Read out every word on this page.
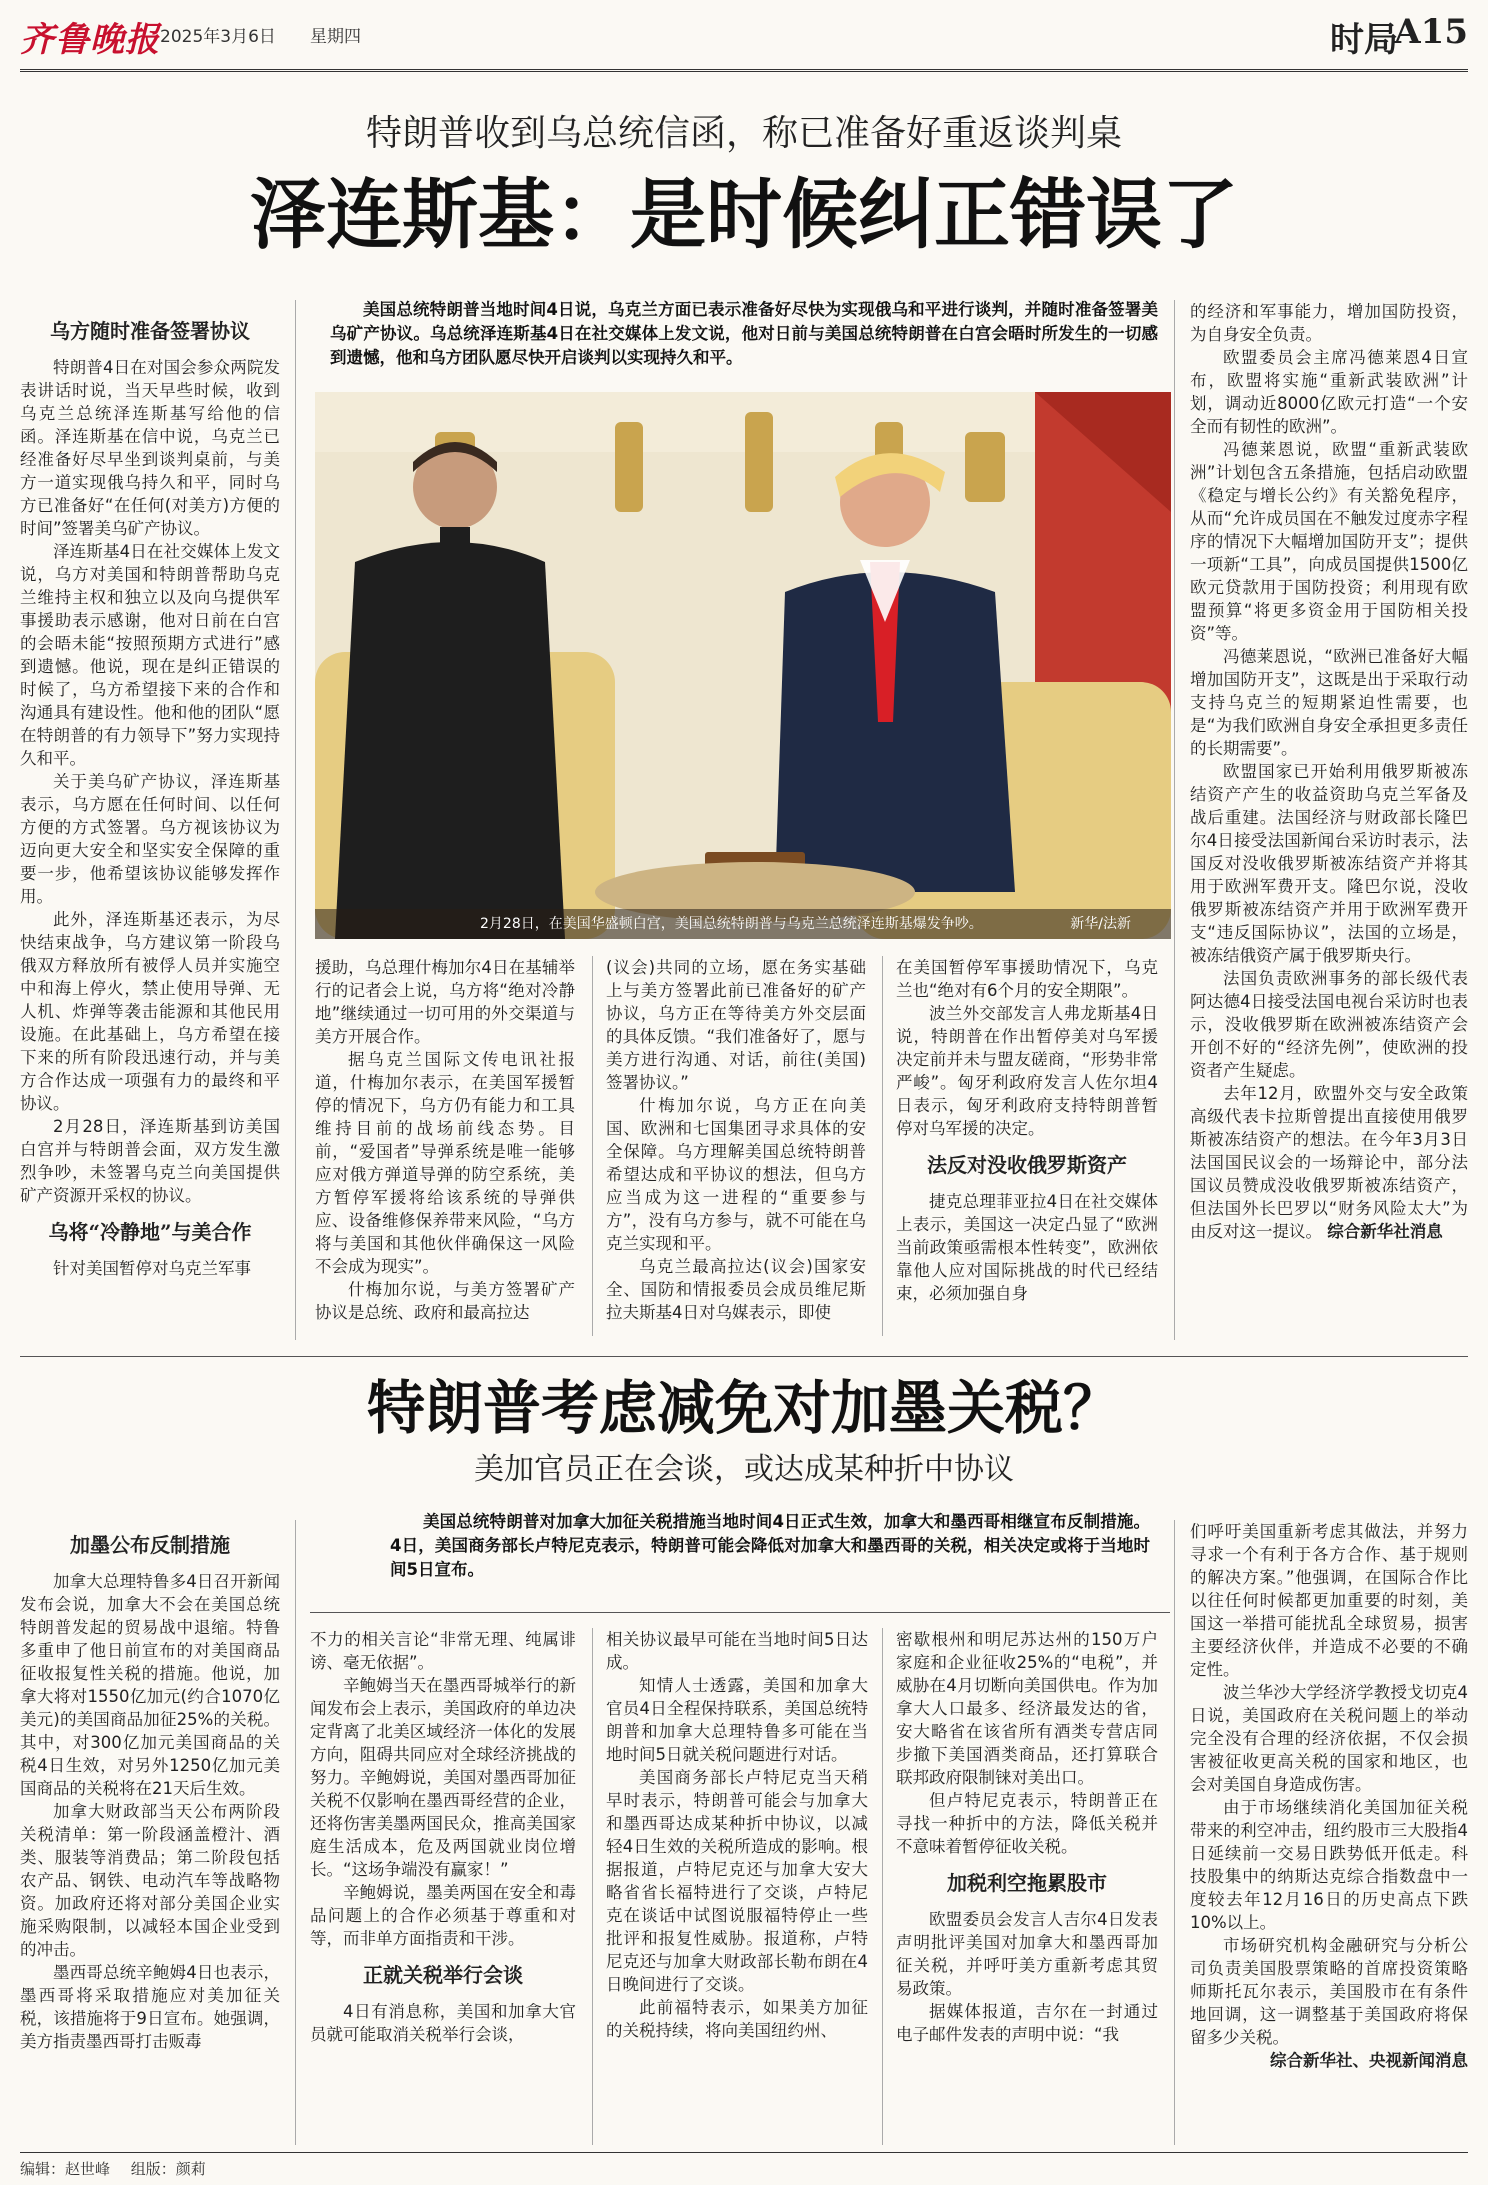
齐鲁晚报 2025年3月6日 星期四	时局
A15
特朗普收到乌总统信函，称已准备好重返谈判桌
泽连斯基：是时候纠正错误了
乌方随时准备签署协议

特朗普4日在对国会参众两院发表讲话时说，当天早些时候，收到乌克兰总统泽连斯基写给他的信函。泽连斯基在信中说，乌克兰已经准备好尽早坐到谈判桌前，与美方一道实现俄乌持久和平，同时乌方已准备好“在任何(对美方)方便的时间”签署美乌矿产协议。

泽连斯基4日在社交媒体上发文说，乌方对美国和特朗普帮助乌克兰维持主权和独立以及向乌提供军事援助表示感谢，他对日前在白宫的会晤未能“按照预期方式进行”感到遗憾。他说，现在是纠正错误的时候了，乌方希望接下来的合作和沟通具有建设性。他和他的团队“愿在特朗普的有力领导下”努力实现持久和平。

关于美乌矿产协议，泽连斯基表示，乌方愿在任何时间、以任何方便的方式签署。乌方视该协议为迈向更大安全和坚实安全保障的重要一步，他希望该协议能够发挥作用。

此外，泽连斯基还表示，为尽快结束战争，乌方建议第一阶段乌俄双方释放所有被俘人员并实施空中和海上停火，禁止使用导弹、无人机、炸弹等袭击能源和其他民用设施。在此基础上，乌方希望在接下来的所有阶段迅速行动，并与美方合作达成一项强有力的最终和平协议。

2月28日，泽连斯基到访美国白宫并与特朗普会面，双方发生激烈争吵，未签署乌克兰向美国提供矿产资源开采权的协议。

乌将“冷静地”与美合作

针对美国暂停对乌克兰军事

美国总统特朗普当地时间4日说，乌克兰方面已表示准备好尽快为实现俄乌和平进行谈判，并随时准备签署美乌矿产协议。乌总统泽连斯基4日在社交媒体上发文说，他对日前与美国总统特朗普在白宫会晤时所发生的一切感到遗憾，他和乌方团队愿尽快开启谈判以实现持久和平。
2月28日，在美国华盛顿白宫，美国总统特朗普与乌克兰总统泽连斯基爆发争吵。	新华/法新

援助，乌总理什梅加尔4日在基辅举行的记者会上说，乌方将“绝对冷静地”继续通过一切可用的外交渠道与美方开展合作。

据乌克兰国际文传电讯社报道，什梅加尔表示，在美国军援暂停的情况下，乌方仍有能力和工具维持目前的战场前线态势。目前，“爱国者”导弹系统是唯一能够应对俄方弹道导弹的防空系统，美方暂停军援将给该系统的导弹供应、设备维修保养带来风险，“乌方将与美国和其他伙伴确保这一风险不会成为现实”。

什梅加尔说，与美方签署矿产协议是总统、政府和最高拉达

(议会)共同的立场，愿在务实基础上与美方签署此前已准备好的矿产协议，乌方正在等待美方外交层面的具体反馈。“我们准备好了，愿与美方进行沟通、对话，前往(美国)签署协议。”

什梅加尔说，乌方正在向美国、欧洲和七国集团寻求具体的安全保障。乌方理解美国总统特朗普希望达成和平协议的想法，但乌方应当成为这一进程的“重要参与方”，没有乌方参与，就不可能在乌克兰实现和平。

乌克兰最高拉达(议会)国家安全、国防和情报委员会成员维尼斯拉夫斯基4日对乌媒表示，即使

在美国暂停军事援助情况下，乌克兰也“绝对有6个月的安全期限”。

波兰外交部发言人弗龙斯基4日说，特朗普在作出暂停美对乌军援决定前并未与盟友磋商，“形势非常严峻”。匈牙利政府发言人佐尔坦4日表示，匈牙利政府支持特朗普暂停对乌军援的决定。

法反对没收俄罗斯资产

捷克总理菲亚拉4日在社交媒体上表示，美国这一决定凸显了“欧洲当前政策亟需根本性转变”，欧洲依靠他人应对国际挑战的时代已经结束，必须加强自身

的经济和军事能力，增加国防投资，为自身安全负责。

欧盟委员会主席冯德莱恩4日宣布，欧盟将实施“重新武装欧洲”计划，调动近8000亿欧元打造“一个安全而有韧性的欧洲”。

冯德莱恩说，欧盟“重新武装欧洲”计划包含五条措施，包括启动欧盟《稳定与增长公约》有关豁免程序，从而“允许成员国在不触发过度赤字程序的情况下大幅增加国防开支”；提供一项新“工具”，向成员国提供1500亿欧元贷款用于国防投资；利用现有欧盟预算“将更多资金用于国防相关投资”等。

冯德莱恩说，“欧洲已准备好大幅增加国防开支”，这既是出于采取行动支持乌克兰的短期紧迫性需要，也是“为我们欧洲自身安全承担更多责任的长期需要”。

欧盟国家已开始利用俄罗斯被冻结资产产生的收益资助乌克兰军备及战后重建。法国经济与财政部长隆巴尔4日接受法国新闻台采访时表示，法国反对没收俄罗斯被冻结资产并将其用于欧洲军费开支。隆巴尔说，没收俄罗斯被冻结资产并用于欧洲军费开支“违反国际协议”，法国的立场是，被冻结俄资产属于俄罗斯央行。

法国负责欧洲事务的部长级代表阿达德4日接受法国电视台采访时也表示，没收俄罗斯在欧洲被冻结资产会开创不好的“经济先例”，使欧洲的投资者产生疑虑。

去年12月，欧盟外交与安全政策高级代表卡拉斯曾提出直接使用俄罗斯被冻结资产的想法。在今年3月3日法国国民议会的一场辩论中，部分法国议员赞成没收俄罗斯被冻结资产，但法国外长巴罗以“财务风险太大”为由反对这一提议。 综合新华社消息

特朗普考虑减免对加墨关税？
美加官员正在会谈，或达成某种折中协议
美国总统特朗普对加拿大加征关税措施当地时间4日正式生效，加拿大和墨西哥相继宣布反制措施。4日，美国商务部长卢特尼克表示，特朗普可能会降低对加拿大和墨西哥的关税，相关决定或将于当地时间5日宣布。
加墨公布反制措施

加拿大总理特鲁多4日召开新闻发布会说，加拿大不会在美国总统特朗普发起的贸易战中退缩。特鲁多重申了他日前宣布的对美国商品征收报复性关税的措施。他说，加拿大将对1550亿加元(约合1070亿美元)的美国商品加征25%的关税。其中，对300亿加元美国商品的关税4日生效，对另外1250亿加元美国商品的关税将在21天后生效。

加拿大财政部当天公布两阶段关税清单：第一阶段涵盖橙汁、酒类、服装等消费品；第二阶段包括农产品、钢铁、电动汽车等战略物资。加政府还将对部分美国企业实施采购限制，以减轻本国企业受到的冲击。

墨西哥总统辛鲍姆4日也表示，墨西哥将采取措施应对美加征关税，该措施将于9日宣布。她强调，美方指责墨西哥打击贩毒

不力的相关言论“非常无理、纯属诽谤、毫无依据”。

辛鲍姆当天在墨西哥城举行的新闻发布会上表示，美国政府的单边决定背离了北美区域经济一体化的发展方向，阻碍共同应对全球经济挑战的努力。辛鲍姆说，美国对墨西哥加征关税不仅影响在墨西哥经营的企业，还将伤害美墨两国民众，推高美国家庭生活成本，危及两国就业岗位增长。“这场争端没有赢家！”

辛鲍姆说，墨美两国在安全和毒品问题上的合作必须基于尊重和对等，而非单方面指责和干涉。

正就关税举行会谈

4日有消息称，美国和加拿大官员就可能取消关税举行会谈，

相关协议最早可能在当地时间5日达成。

知情人士透露，美国和加拿大官员4日全程保持联系，美国总统特朗普和加拿大总理特鲁多可能在当地时间5日就关税问题进行对话。

美国商务部长卢特尼克当天稍早时表示，特朗普可能会与加拿大和墨西哥达成某种折中协议，以减轻4日生效的关税所造成的影响。根据报道，卢特尼克还与加拿大安大略省省长福特进行了交谈，卢特尼克在谈话中试图说服福特停止一些批评和报复性威胁。报道称，卢特尼克还与加拿大财政部长勒布朗在4日晚间进行了交谈。

此前福特表示，如果美方加征的关税持续，将向美国纽约州、

密歇根州和明尼苏达州的150万户家庭和企业征收25%的“电税”，并威胁在4月切断向美国供电。作为加拿大人口最多、经济最发达的省，安大略省在该省所有酒类专营店同步撤下美国酒类商品，还打算联合联邦政府限制铼对美出口。

但卢特尼克表示，特朗普正在寻找一种折中的方法，降低关税并不意味着暂停征收关税。

加税利空拖累股市

欧盟委员会发言人吉尔4日发表声明批评美国对加拿大和墨西哥加征关税，并呼吁美方重新考虑其贸易政策。

据媒体报道，吉尔在一封通过电子邮件发表的声明中说：“我

们呼吁美国重新考虑其做法，并努力寻求一个有利于各方合作、基于规则的解决方案。”他强调，在国际合作比以往任何时候都更加重要的时刻，美国这一举措可能扰乱全球贸易，损害主要经济伙伴，并造成不必要的不确定性。

波兰华沙大学经济学教授戈切克4日说，美国政府在关税问题上的举动完全没有合理的经济依据，不仅会损害被征收更高关税的国家和地区，也会对美国自身造成伤害。

由于市场继续消化美国加征关税带来的利空冲击，纽约股市三大股指4日延续前一交易日跌势低开低走。科技股集中的纳斯达克综合指数盘中一度较去年12月16日的历史高点下跌10%以上。

市场研究机构金融研究与分析公司负责美国股票策略的首席投资策略师斯托瓦尔表示，美国股市在有条件地回调，这一调整基于美国政府将保留多少关税。

综合新华社、央视新闻消息

编辑：赵世峰 组版：颜莉
